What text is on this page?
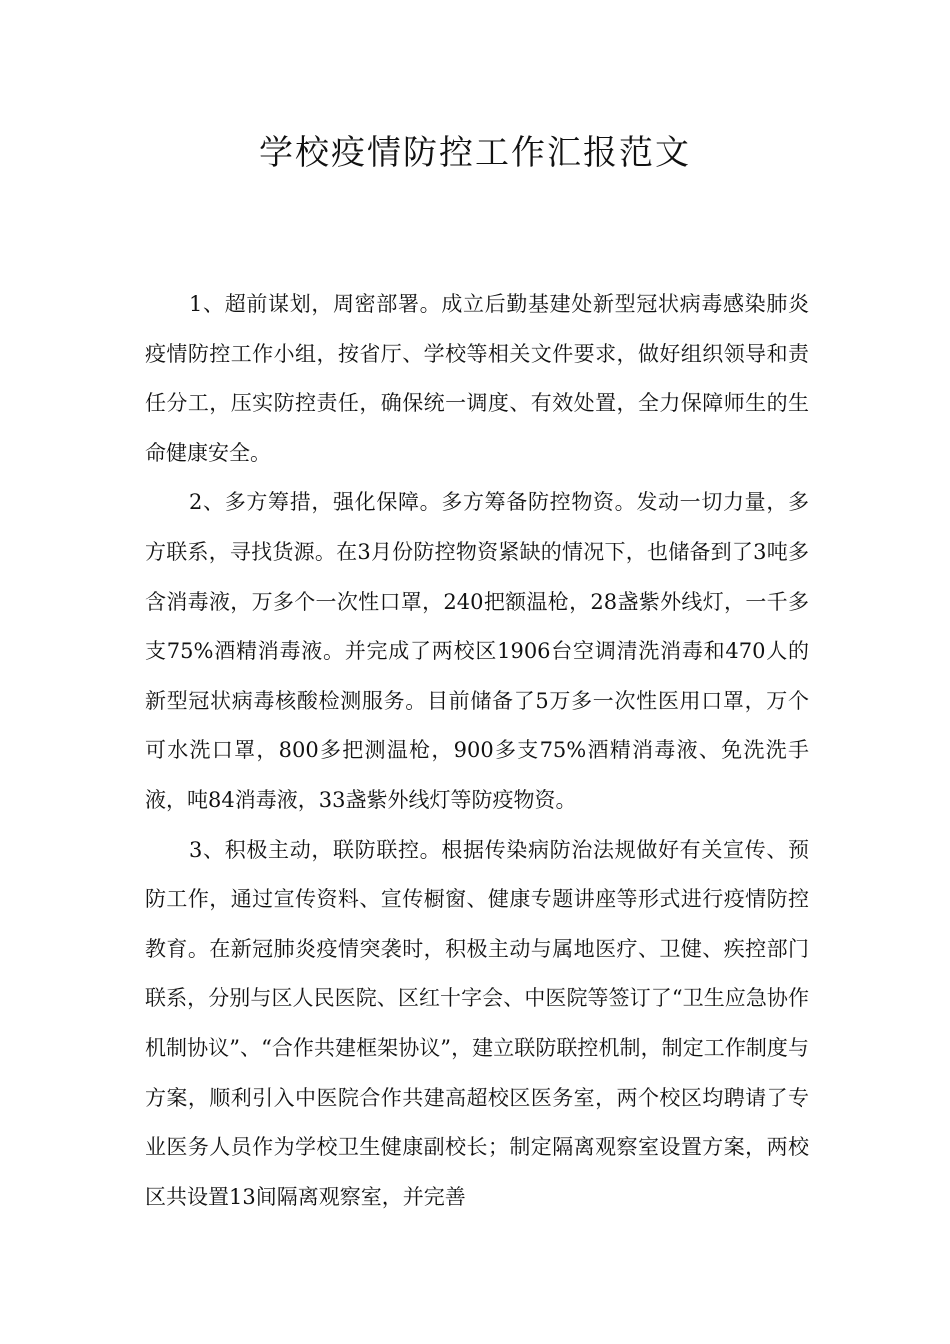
学校疫情防控工作汇报范文

1、超前谋划，周密部署。成立后勤基建处新型冠状病毒感染肺炎疫情防控工作小组，按省厅、学校等相关文件要求，做好组织领导和责任分工，压实防控责任，确保统一调度、有效处置，全力保障师生的生命健康安全。

2、多方筹措，强化保障。多方筹备防控物资。发动一切力量，多方联系，寻找货源。在3月份防控物资紧缺的情况下，也储备到了3吨多含消毒液，万多个一次性口罩，240把额温枪，28盏紫外线灯，一千多支75%酒精消毒液。并完成了两校区1906台空调清洗消毒和470人的新型冠状病毒核酸检测服务。目前储备了5万多一次性医用口罩，万个可水洗口罩，800多把测温枪，900多支75%酒精消毒液、免洗洗手液，吨84消毒液，33盏紫外线灯等防疫物资。

3、积极主动，联防联控。根据传染病防治法规做好有关宣传、预防工作，通过宣传资料、宣传橱窗、健康专题讲座等形式进行疫情防控教育。在新冠肺炎疫情突袭时，积极主动与属地医疗、卫健、疾控部门联系，分别与区人民医院、区红十字会、中医院等签订了“卫生应急协作机制协议”、“合作共建框架协议”，建立联防联控机制，制定工作制度与方案，顺利引入中医院合作共建高超校区医务室，两个校区均聘请了专业医务人员作为学校卫生健康副校长；制定隔离观察室设置方案，两校区共设置13间隔离观察室，并完善
